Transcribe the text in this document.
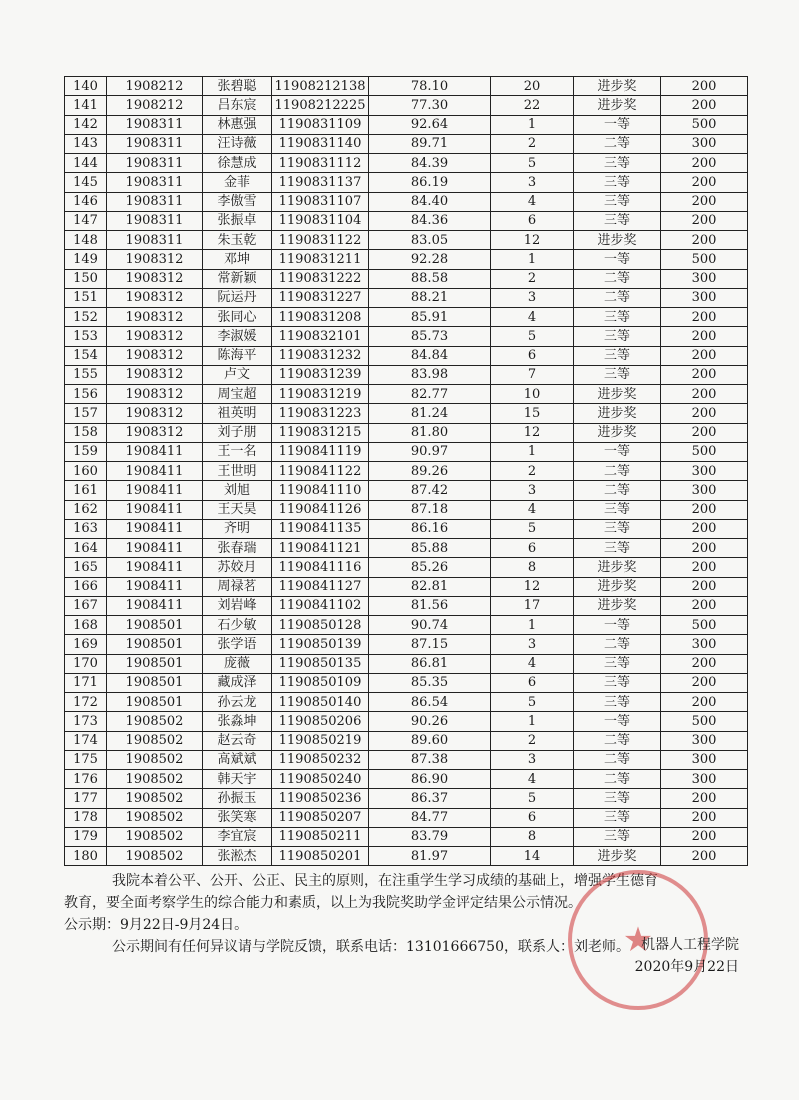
140	1908212	张碧聪	11908212138	78.10	20	进步奖	200
141	1908212	吕东宸	11908212225	77.30	22	进步奖	200
142	1908311	林惠强	1190831109	92.64	1	一等	500
143	1908311	汪诗薇	1190831140	89.71	2	二等	300
144	1908311	徐慧成	1190831112	84.39	5	三等	200
145	1908311	金菲	1190831137	86.19	3	三等	200
146	1908311	李傲雪	1190831107	84.40	4	三等	200
147	1908311	张振卓	1190831104	84.36	6	三等	200
148	1908311	朱玉乾	1190831122	83.05	12	进步奖	200
149	1908312	邓坤	1190831211	92.28	1	一等	500
150	1908312	常新颖	1190831222	88.58	2	二等	300
151	1908312	阮运丹	1190831227	88.21	3	二等	300
152	1908312	张同心	1190831208	85.91	4	三等	200
153	1908312	李淑媛	1190832101	85.73	5	三等	200
154	1908312	陈海平	1190831232	84.84	6	三等	200
155	1908312	卢文	1190831239	83.98	7	三等	200
156	1908312	周宝超	1190831219	82.77	10	进步奖	200
157	1908312	祖英明	1190831223	81.24	15	进步奖	200
158	1908312	刘子朋	1190831215	81.80	12	进步奖	200
159	1908411	王一名	1190841119	90.97	1	一等	500
160	1908411	王世明	1190841122	89.26	2	二等	300
161	1908411	刘旭	1190841110	87.42	3	二等	300
162	1908411	王天昊	1190841126	87.18	4	三等	200
163	1908411	齐明	1190841135	86.16	5	三等	200
164	1908411	张春瑞	1190841121	85.88	6	三等	200
165	1908411	苏姣月	1190841116	85.26	8	进步奖	200
166	1908411	周禄茗	1190841127	82.81	12	进步奖	200
167	1908411	刘岩峰	1190841102	81.56	17	进步奖	200
168	1908501	石少敏	1190850128	90.74	1	一等	500
169	1908501	张学语	1190850139	87.15	3	二等	300
170	1908501	庞薇	1190850135	86.81	4	三等	200
171	1908501	藏成泽	1190850109	85.35	6	三等	200
172	1908501	孙云龙	1190850140	86.54	5	三等	200
173	1908502	张淼坤	1190850206	90.26	1	一等	500
174	1908502	赵云奇	1190850219	89.60	2	二等	300
175	1908502	高斌斌	1190850232	87.38	3	二等	300
176	1908502	韩天宇	1190850240	86.90	4	二等	300
177	1908502	孙振玉	1190850236	86.37	5	三等	200
178	1908502	张笑寒	1190850207	84.77	6	三等	200
179	1908502	李宜宸	1190850211	83.79	8	三等	200
180	1908502	张淞杰	1190850201	81.97	14	进步奖	200

我院本着公平、公开、公正、民主的原则，在注重学生学习成绩的基础上，增强学生德育

教育，要全面考察学生的综合能力和素质，以上为我院奖助学金评定结果公示情况。

公示期：9月22日-9月24日。

公示期间有任何异议请与学院反馈，联系电话：13101666750，联系人：刘老师。

★
机器人工程学院
2020年9月22日
